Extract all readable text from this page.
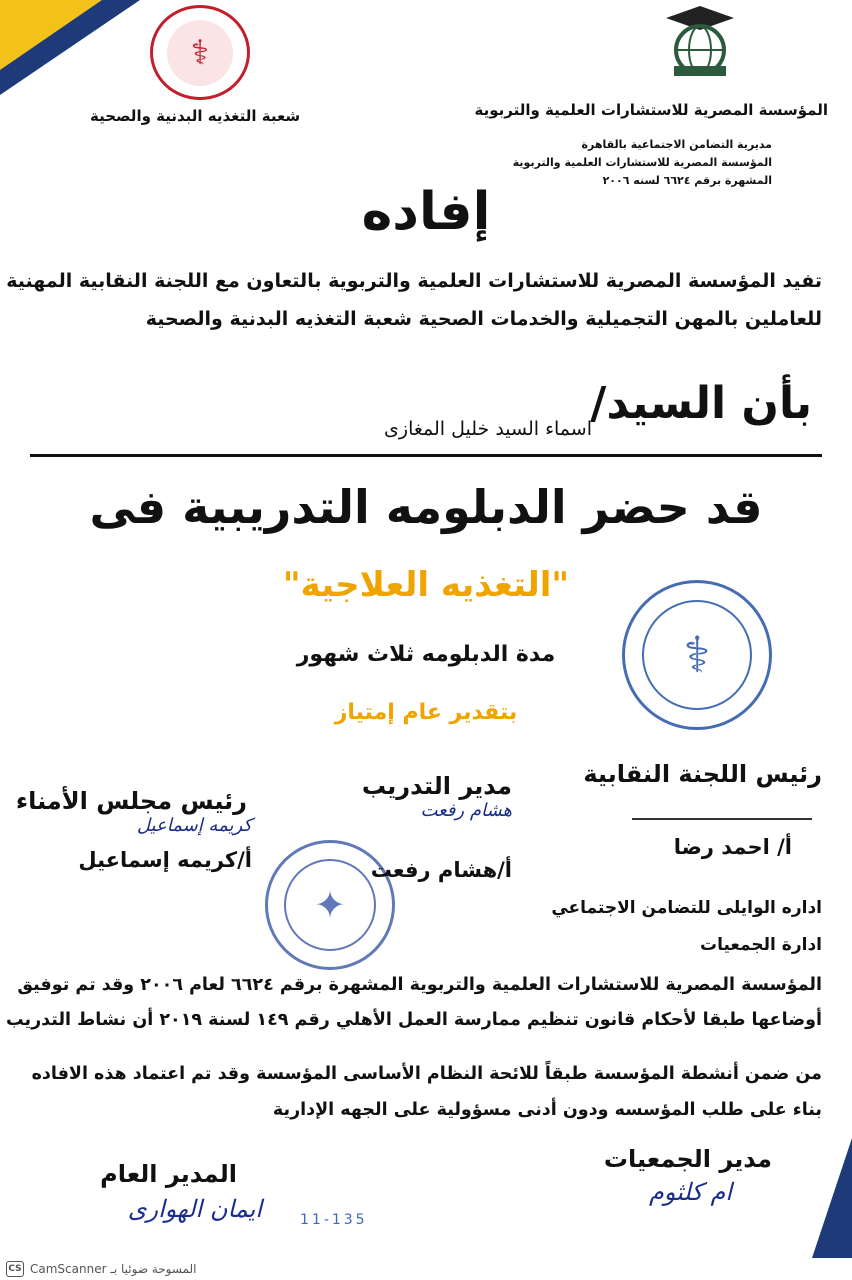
⚕
شعبة التغذيه البدنية والصحية	المؤسسة المصرية للاستشارات العلمية والتربوية
مديرية التضامن الاجتماعية بالقاهرة
المؤسسة المصرية للاستشارات العلمية والتربوية
المشهرة برقم ٦٦٢٤ لسنه ٢٠٠٦
إفاده
تفيد المؤسسة المصرية للاستشارات العلمية والتربوية بالتعاون مع اللجنة النقابية المهنية
للعاملين بالمهن التجميلية والخدمات الصحية شعبة التغذيه البدنية والصحية
بأن السيد/
اسماء السيد خليل المغازى
قد حضر الدبلومه التدريبية فى
"التغذيه العلاجية"
مدة الدبلومه ثلاث شهور
بتقدير عام إمتياز
⚕
✦
رئيس اللجنة النقابية
أ/ احمد رضا
مدير التدريب
هشام رفعت
أ/هشام رفعت
رئيس مجلس الأمناء
كريمه إسماعيل
أ/كريمه إسماعيل
اداره الوايلى للتضامن الاجتماعي
ادارة الجمعيات
المؤسسة المصرية للاستشارات العلمية والتربوية المشهرة برقم ٦٦٢٤ لعام ٢٠٠٦ وقد تم توفيق
أوضاعها طبقا لأحكام قانون تنظيم ممارسة العمل الأهلي رقم ١٤٩ لسنة ٢٠١٩ أن نشاط التدريب
من ضمن أنشطة المؤسسة طبقاً للائحة النظام الأساسى المؤسسة وقد تم اعتماد هذه الافاده
بناء على طلب المؤسسه ودون أدنى مسؤولية على الجهه الإدارية
مدير الجمعيات
ام كلثوم
المدير العام
ايمان الهوارى	11-135
CS CamScanner المسوحة ضوئيا بـ
